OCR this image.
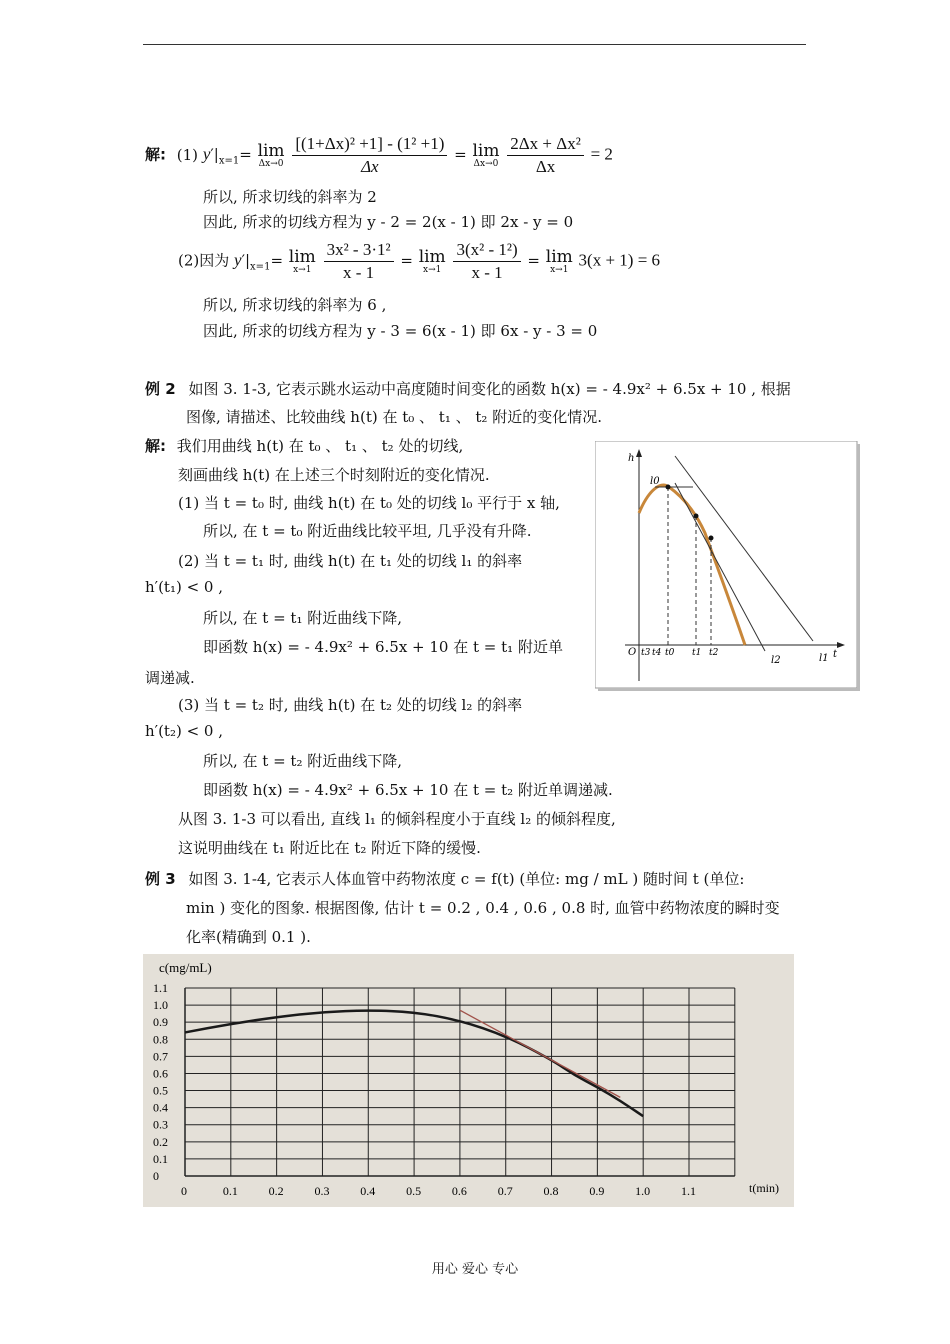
解: (1) $y'|_{x=1}= \lim$
Δx→0
$\frac{\text{[(1+Δx)² +1] - (1² +1)}}{\Delta x} = \lim$
Δx→0
$\frac{\text{2Δx + Δx²}}{\Delta x} = 2$
所以, 所求切线的斜率为 2
因此, 所求的切线方程为 y - 2 = 2(x - 1) 即 2x - y = 0
(2)因为 $y'|_{x=1}= \lim$
x→1
$\frac{\text{3x² - 3·1²}}{x - 1} = \lim$
x→1
$\frac{\text{3(x² - 1²)}}{x - 1} = \lim$
x→1 3(x + 1) = 6
所以, 所求切线的斜率为 6 ,
因此, 所求的切线方程为 y - 3 = 6(x - 1) 即 6x - y - 3 = 0
例 2 如图 3. 1-3, 它表示跳水运动中高度随时间变化的函数 h(x) = - 4.9x² + 6.5x + 10 , 根据
图像, 请描述、比较曲线 h(t) 在 t₀ 、 t₁ 、 t₂ 附近的变化情况.
解: 我们用曲线 h(t) 在 t₀ 、 t₁ 、 t₂ 处的切线,
刻画曲线 h(t) 在上述三个时刻附近的变化情况.
(1) 当 t = t₀ 时, 曲线 h(t) 在 t₀ 处的切线 l₀ 平行于 x 轴,
所以, 在 t = t₀ 附近曲线比较平坦, 几乎没有升降.
(2) 当 t = t₁ 时, 曲线 h(t) 在 t₁ 处的切线 l₁ 的斜率
h′(t₁) < 0 ,
所以, 在 t = t₁ 附近曲线下降,
即函数 h(x) = - 4.9x² + 6.5x + 10 在 t = t₁ 附近单
调递减.
(3) 当 t = t₂ 时, 曲线 h(t) 在 t₂ 处的切线 l₂ 的斜率
h′(t₂) < 0 ,
所以, 在 t = t₂ 附近曲线下降,
即函数 h(x) = - 4.9x² + 6.5x + 10 在 t = t₂ 附近单调递减.
从图 3. 1-3 可以看出, 直线 l₁ 的倾斜程度小于直线 l₂ 的倾斜程度,
这说明曲线在 t₁ 附近比在 t₂ 附近下降的缓慢.
h
t
O
l0
l1
l2
t3 t4 t0 t1 t2
例 3 如图 3. 1-4, 它表示人体血管中药物浓度 c = f(t) (单位: mg / mL ) 随时间 t (单位:
min ) 变化的图象. 根据图像, 估计 t = 0.2 , 0.4 , 0.6 , 0.8 时, 血管中药物浓度的瞬时变
化率(精确到 0.1 ).
0	0.1	0.2	0.3	0.4	0.5	0.6	0.7	0.8	0.9	1.0	1.1
0
0.1
0.2
0.3
0.4
0.5
0.6
0.7
0.8
0.9
1.0
1.1
c(mg/mL)
t(min)
用心 爱心 专心
